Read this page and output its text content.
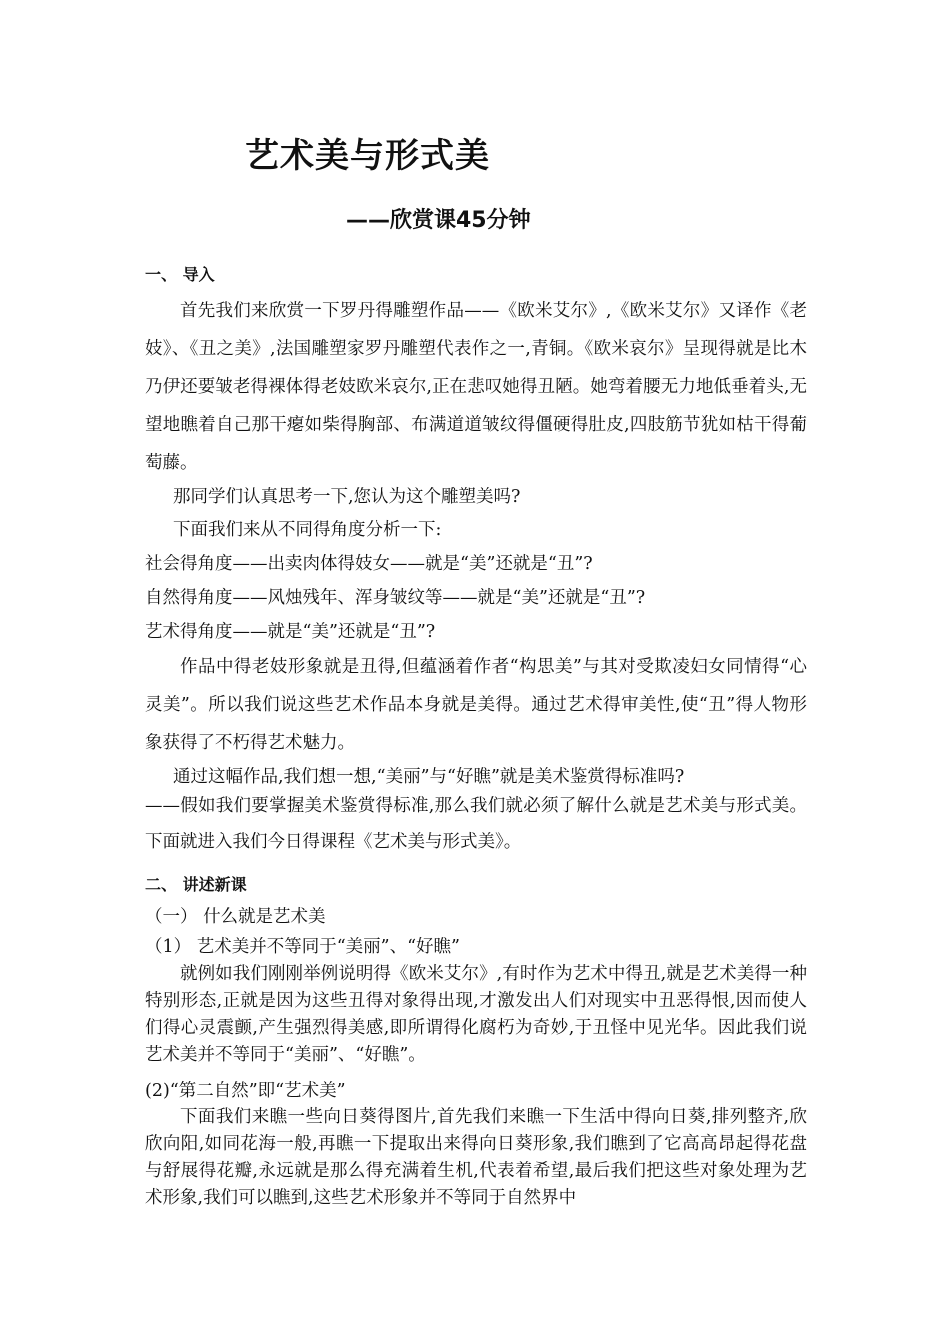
艺术美与形式美
——欣赏课45分钟
一、 导入

首先我们来欣赏一下罗丹得雕塑作品——《欧米艾尔》,《欧米艾尔》又译作《老妓》、《丑之美》,法国雕塑家罗丹雕塑代表作之一,青铜。《欧米哀尔》呈现得就是比木乃伊还要皱老得裸体得老妓欧米哀尔,正在悲叹她得丑陋。她弯着腰无力地低垂着头,无望地瞧着自己那干瘪如柴得胸部、布满道道皱纹得僵硬得肚皮,四肢筋节犹如枯干得葡萄藤。

那同学们认真思考一下,您认为这个雕塑美吗?
下面我们来从不同得角度分析一下:
社会得角度——出卖肉体得妓女——就是“美”还就是“丑”?
自然得角度——风烛残年、浑身皱纹等——就是“美”还就是“丑”?
艺术得角度——就是“美”还就是“丑”?

作品中得老妓形象就是丑得,但蕴涵着作者“构思美”与其对受欺凌妇女同情得“心灵美”。所以我们说这些艺术作品本身就是美得。通过艺术得审美性,使“丑”得人物形象获得了不朽得艺术魅力。

通过这幅作品,我们想一想,“美丽”与“好瞧”就是美术鉴赏得标准吗?

——假如我们要掌握美术鉴赏得标准,那么我们就必须了解什么就是艺术美与形式美。下面就进入我们今日得课程《艺术美与形式美》。

二、 讲述新课
（一） 什么就是艺术美
（1） 艺术美并不等同于“美丽”、“好瞧”

就例如我们刚刚举例说明得《欧米艾尔》,有时作为艺术中得丑,就是艺术美得一种特别形态,正就是因为这些丑得对象得出现,才激发出人们对现实中丑恶得恨,因而使人们得心灵震颤,产生强烈得美感,即所谓得化腐朽为奇妙,于丑怪中见光华。因此我们说艺术美并不等同于“美丽”、“好瞧”。

(2)“第二自然”即“艺术美”

下面我们来瞧一些向日葵得图片,首先我们来瞧一下生活中得向日葵,排列整齐,欣欣向阳,如同花海一般,再瞧一下提取出来得向日葵形象,我们瞧到了它高高昂起得花盘与舒展得花瓣,永远就是那么得充满着生机,代表着希望,最后我们把这些对象处理为艺术形象,我们可以瞧到,这些艺术形象并不等同于自然界中
